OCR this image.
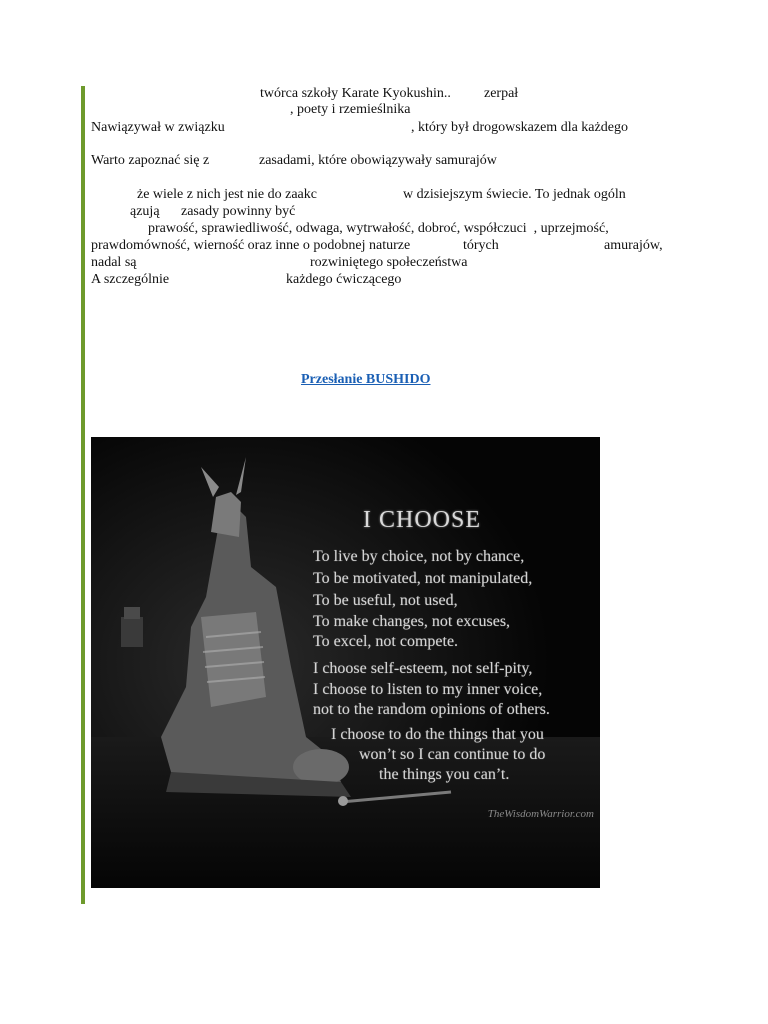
twórca szkoły Karate Kyokushin.. zerpał
, poety i rzemieślnika
Nawiązywał w związku	, który był drogowskazem dla każdego
Warto zapoznać się z	zasadami, które obowiązywały samurajów
że wiele z nich jest nie do zaakc	w dzisiejszym świecie. To jednak ogóln
ązują zasady powinny być
prawość, sprawiedliwość, odwaga, wytrwałość, dobroć, współczuci  , uprzejmość,
prawdomówność, wierność oraz inne o podobnej naturze	tórych	amurajów,
nadal są	rozwiniętego społeczeństwa
A szczególnie	każdego ćwiczącego
Przesłanie BUSHIDO
I CHOOSE
To live by choice, not by chance,
To be motivated, not manipulated,
To be useful, not used,
To make changes, not excuses,
To excel, not compete.
I choose self-esteem, not self-pity,
I choose to listen to my inner voice,
not to the random opinions of others.
I choose to do the things that you
won’t so I can continue to do
the things you can’t.
TheWisdomWarrior.com
